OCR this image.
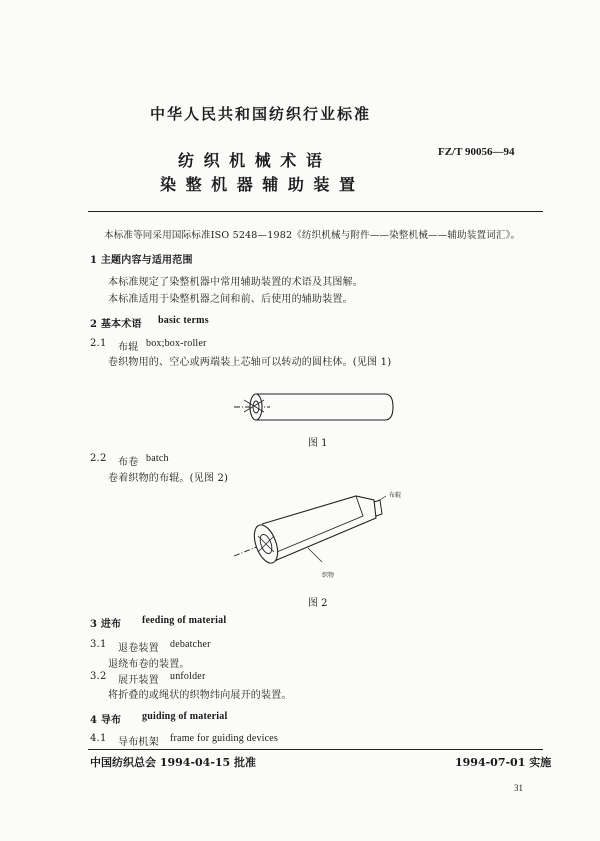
中华人民共和国纺织行业标准
纺 织 机 械 术 语
染 整 机 器 辅 助 装 置
FZ/T 90056—94
本标准等同采用国际标准ISO 5248—1982《纺织机械与附件——染整机械——辅助装置词汇》。
1 主题内容与适用范围
本标准规定了染整机器中常用辅助装置的术语及其图解。
本标准适用于染整机器之间和前、后使用的辅助装置。
2 基本术语 basic terms
2.1 布辊 box;box-roller
卷织物用的、空心或两端装上芯轴可以转动的圆柱体。(见图 1)
图 1
2.2 布卷 batch
卷着织物的布辊。(见图 2)
布辊
织物
图 2
3 进布 feeding of material
3.1 退卷装置 debatcher
退绕布卷的装置。
3.2 展开装置 unfolder
将折叠的或绳状的织物纬向展开的装置。
4 导布 guiding of material
4.1 导布机架 frame for guiding devices
中国纺织总会 1994-04-15 批准	1994-07-01 实施
31
